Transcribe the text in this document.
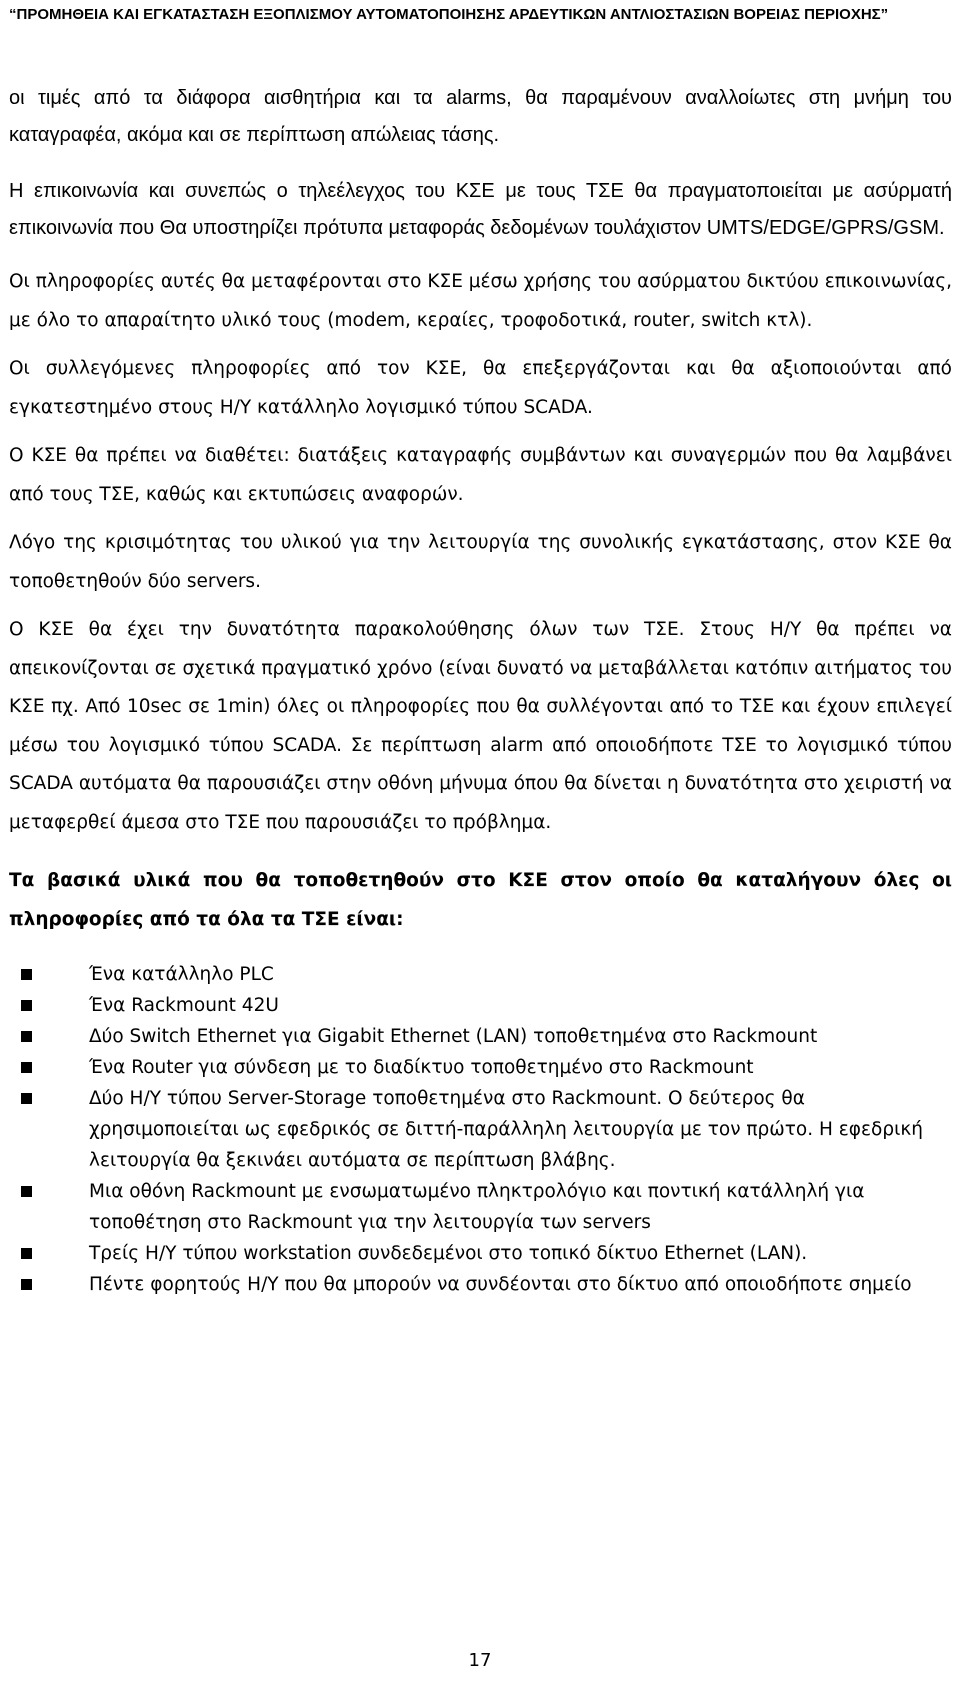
“ΠΡΟΜΗΘΕΙΑ ΚΑΙ ΕΓΚΑΤΑΣΤΑΣΗ ΕΞΟΠΛΙΣΜΟΥ ΑΥΤΟΜΑΤΟΠΟΙΗΣΗΣ ΑΡΔΕΥΤΙΚΩΝ ΑΝΤΛΙΟΣΤΑΣΙΩΝ ΒΟΡΕΙΑΣ ΠΕΡΙΟΧΗΣ”

οι τιμές από τα διάφορα αισθητήρια και τα alarms, θα παραμένουν αναλλοίωτες στη μνήμη του καταγραφέα, ακόμα και σε περίπτωση απώλειας τάσης.

Η επικοινωνία και συνεπώς ο τηλεέλεγχος του ΚΣΕ με τους ΤΣΕ θα πραγματοποιείται με ασύρματή επικοινωνία που Θα υποστηρίζει πρότυπα μεταφοράς δεδομένων τουλάχιστον UMTS/EDGE/GPRS/GSM.

Οι πληροφορίες αυτές θα μεταφέρονται στο ΚΣΕ μέσω χρήσης του ασύρματου δικτύου επικοινωνίας, με όλο το απαραίτητο υλικό τους (modem, κεραίες, τροφοδοτικά, router, switch κτλ).

Οι συλλεγόμενες πληροφορίες από τον ΚΣΕ, θα επεξεργάζονται και θα αξιοποιούνται από εγκατεστημένο στους Η/Υ κατάλληλο λογισμικό τύπου SCADA.

Ο ΚΣΕ θα πρέπει να διαθέτει: διατάξεις καταγραφής συμβάντων και συναγερμών που θα λαμβάνει από τους ΤΣΕ, καθώς και εκτυπώσεις αναφορών.

Λόγο της κρισιμότητας του υλικού για την λειτουργία της συνολικής εγκατάστασης, στον ΚΣΕ θα τοποθετηθούν δύο servers.

Ο ΚΣΕ θα έχει την δυνατότητα παρακολούθησης όλων των ΤΣΕ. Στους Η/Υ θα πρέπει να απεικονίζονται σε σχετικά πραγματικό χρόνο (είναι δυνατό να μεταβάλλεται κατόπιν αιτήματος του ΚΣΕ πχ. Από 10sec σε 1min) όλες οι πληροφορίες που θα συλλέγονται από το ΤΣΕ και έχουν επιλεγεί μέσω του λογισμικό τύπου SCADA. Σε περίπτωση alarm από οποιοδήποτε ΤΣΕ το λογισμικό τύπου SCADA αυτόματα θα παρουσιάζει στην οθόνη μήνυμα όπου θα δίνεται η δυνατότητα στο χειριστή να μεταφερθεί άμεσα στο ΤΣΕ που παρουσιάζει το πρόβλημα.

Τα βασικά υλικά που θα τοποθετηθούν στο ΚΣΕ στον οποίο θα καταλήγουν όλες οι πληροφορίες από τα όλα τα ΤΣΕ είναι:

Ένα κατάλληλο PLC
Ένα Rackmount 42U
Δύο Switch Ethernet για Gigabit Ethernet (LAN) τοποθετημένα στο Rackmount
Ένα Router για σύνδεση με το διαδίκτυο τοποθετημένο στο Rackmount
Δύο Η/Υ τύπου Server-Storage τοποθετημένα στο Rackmount. Ο δεύτερος θα χρησιμοποιείται ως εφεδρικός σε διττή-παράλληλη λειτουργία με τον πρώτο. Η εφεδρική λειτουργία θα ξεκινάει αυτόματα σε περίπτωση βλάβης.
Μια οθόνη Rackmount με ενσωματωμένο πληκτρολόγιο και ποντική κατάλληλή για τοποθέτηση στο Rackmount για την λειτουργία των servers
Τρείς Η/Υ τύπου workstation συνδεδεμένοι στο τοπικό δίκτυο Ethernet (LAN).
Πέντε φορητούς Η/Υ που θα μπορούν να συνδέονται στο δίκτυο από οποιοδήποτε σημείο
17
